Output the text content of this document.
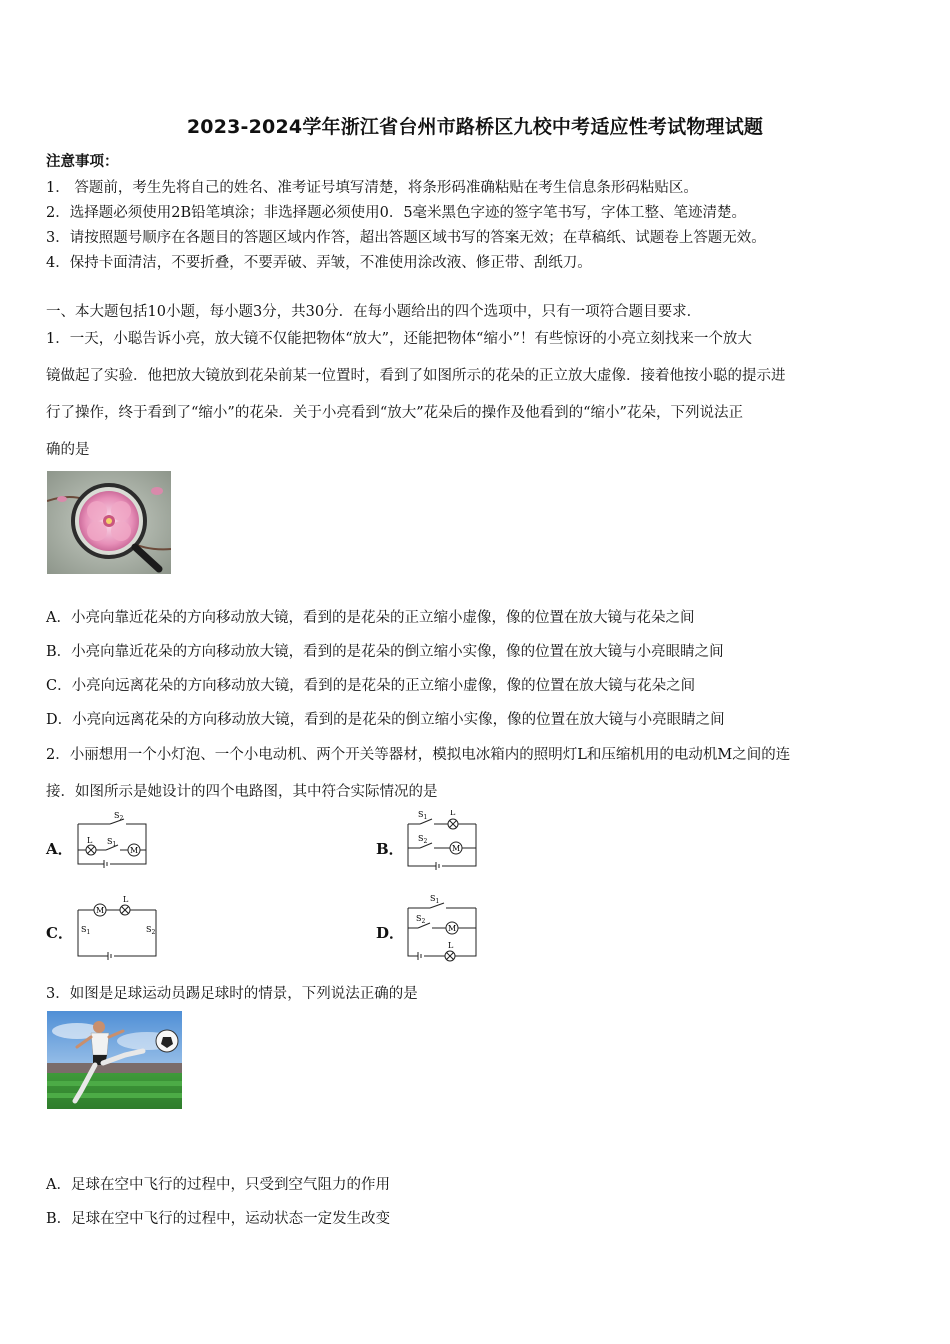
2023-2024学年浙江省台州市路桥区九校中考适应性考试物理试题
注意事项：
1． 答题前，考生先将自己的姓名、准考证号填写清楚，将条形码准确粘贴在考生信息条形码粘贴区。
2．选择题必须使用2B铅笔填涂；非选择题必须使用0．5毫米黑色字迹的签字笔书写，字体工整、笔迹清楚。
3．请按照题号顺序在各题目的答题区域内作答，超出答题区域书写的答案无效；在草稿纸、试题卷上答题无效。
4．保持卡面清洁，不要折叠，不要弄破、弄皱，不准使用涂改液、修正带、刮纸刀。
一、本大题包括10小题，每小题3分，共30分．在每小题给出的四个选项中，只有一项符合题目要求．
1．一天，小聪告诉小亮，放大镜不仅能把物体“放大”，还能把物体“缩小”！有些惊讶的小亮立刻找来一个放大
镜做起了实验．他把放大镜放到花朵前某一位置时，看到了如图所示的花朵的正立放大虚像．接着他按小聪的提示进
行了操作，终于看到了“缩小”的花朵．关于小亮看到“放大”花朵后的操作及他看到的“缩小”花朵，下列说法正
确的是
A．小亮向靠近花朵的方向移动放大镜，看到的是花朵的正立缩小虚像，像的位置在放大镜与花朵之间
B．小亮向靠近花朵的方向移动放大镜，看到的是花朵的倒立缩小实像，像的位置在放大镜与小亮眼睛之间
C．小亮向远离花朵的方向移动放大镜，看到的是花朵的正立缩小虚像，像的位置在放大镜与花朵之间
D．小亮向远离花朵的方向移动放大镜，看到的是花朵的倒立缩小实像，像的位置在放大镜与小亮眼睛之间
2．小丽想用一个小灯泡、一个小电动机、两个开关等器材，模拟电冰箱内的照明灯L和压缩机用的电动机M之间的连
接．如图所示是她设计的四个电路图，其中符合实际情况的是
A．
$S_2$
L $S_1$
M	B．
$S_1$
L
$S_2$
M
C．
M
L
$S_1$	$S_2$	D．
$S_1$
$S_2$
M
L
3．如图是足球运动员踢足球时的情景，下列说法正确的是
A．足球在空中飞行的过程中，只受到空气阻力的作用
B．足球在空中飞行的过程中，运动状态一定发生改变
